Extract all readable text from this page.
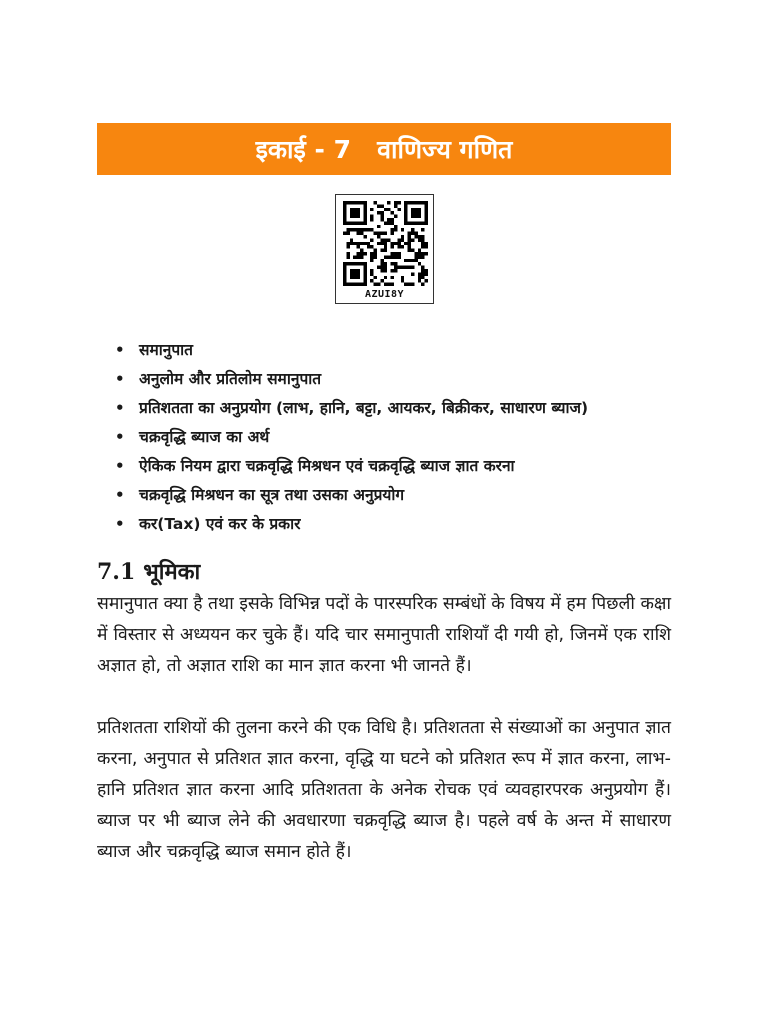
इकाई - 7   वाणिज्य गणित
AZUI8Y
• समानुपात
• अनुलोम और प्रतिलोम समानुपात
• प्रतिशतता का अनुप्रयोग (लाभ, हानि, बट्टा, आयकर, बिक्रीकर, साधारण ब्याज)
• चक्रवृद्धि ब्याज का अर्थ
• ऐकिक नियम द्वारा चक्रवृद्धि मिश्रधन एवं चक्रवृद्धि ब्याज ज्ञात करना
• चक्रवृद्धि मिश्रधन का सूत्र तथा उसका अनुप्रयोग
• कर(Tax) एवं कर के प्रकार
7.1 भूमिका

समानुपात क्या है तथा इसके विभिन्न पदों के पारस्परिक सम्बंधों के विषय में हम पिछली कक्षा में विस्तार से अध्ययन कर चुके हैं। यदि चार समानुपाती राशियाँ दी गयी हो, जिनमें एक राशि अज्ञात हो, तो अज्ञात राशि का मान ज्ञात करना भी जानते हैं।

प्रतिशतता राशियों की तुलना करने की एक विधि है। प्रतिशतता से संख्याओं का अनुपात ज्ञात करना, अनुपात से प्रतिशत ज्ञात करना, वृद्धि या घटने को प्रतिशत रूप में ज्ञात करना, लाभ-हानि प्रतिशत ज्ञात करना आदि प्रतिशतता के अनेक रोचक एवं व्यवहारपरक अनुप्रयोग हैं। ब्याज पर भी ब्याज लेने की अवधारणा चक्रवृद्धि ब्याज है। पहले वर्ष के अन्त में साधारण ब्याज और चक्रवृद्धि ब्याज समान होते हैं।
